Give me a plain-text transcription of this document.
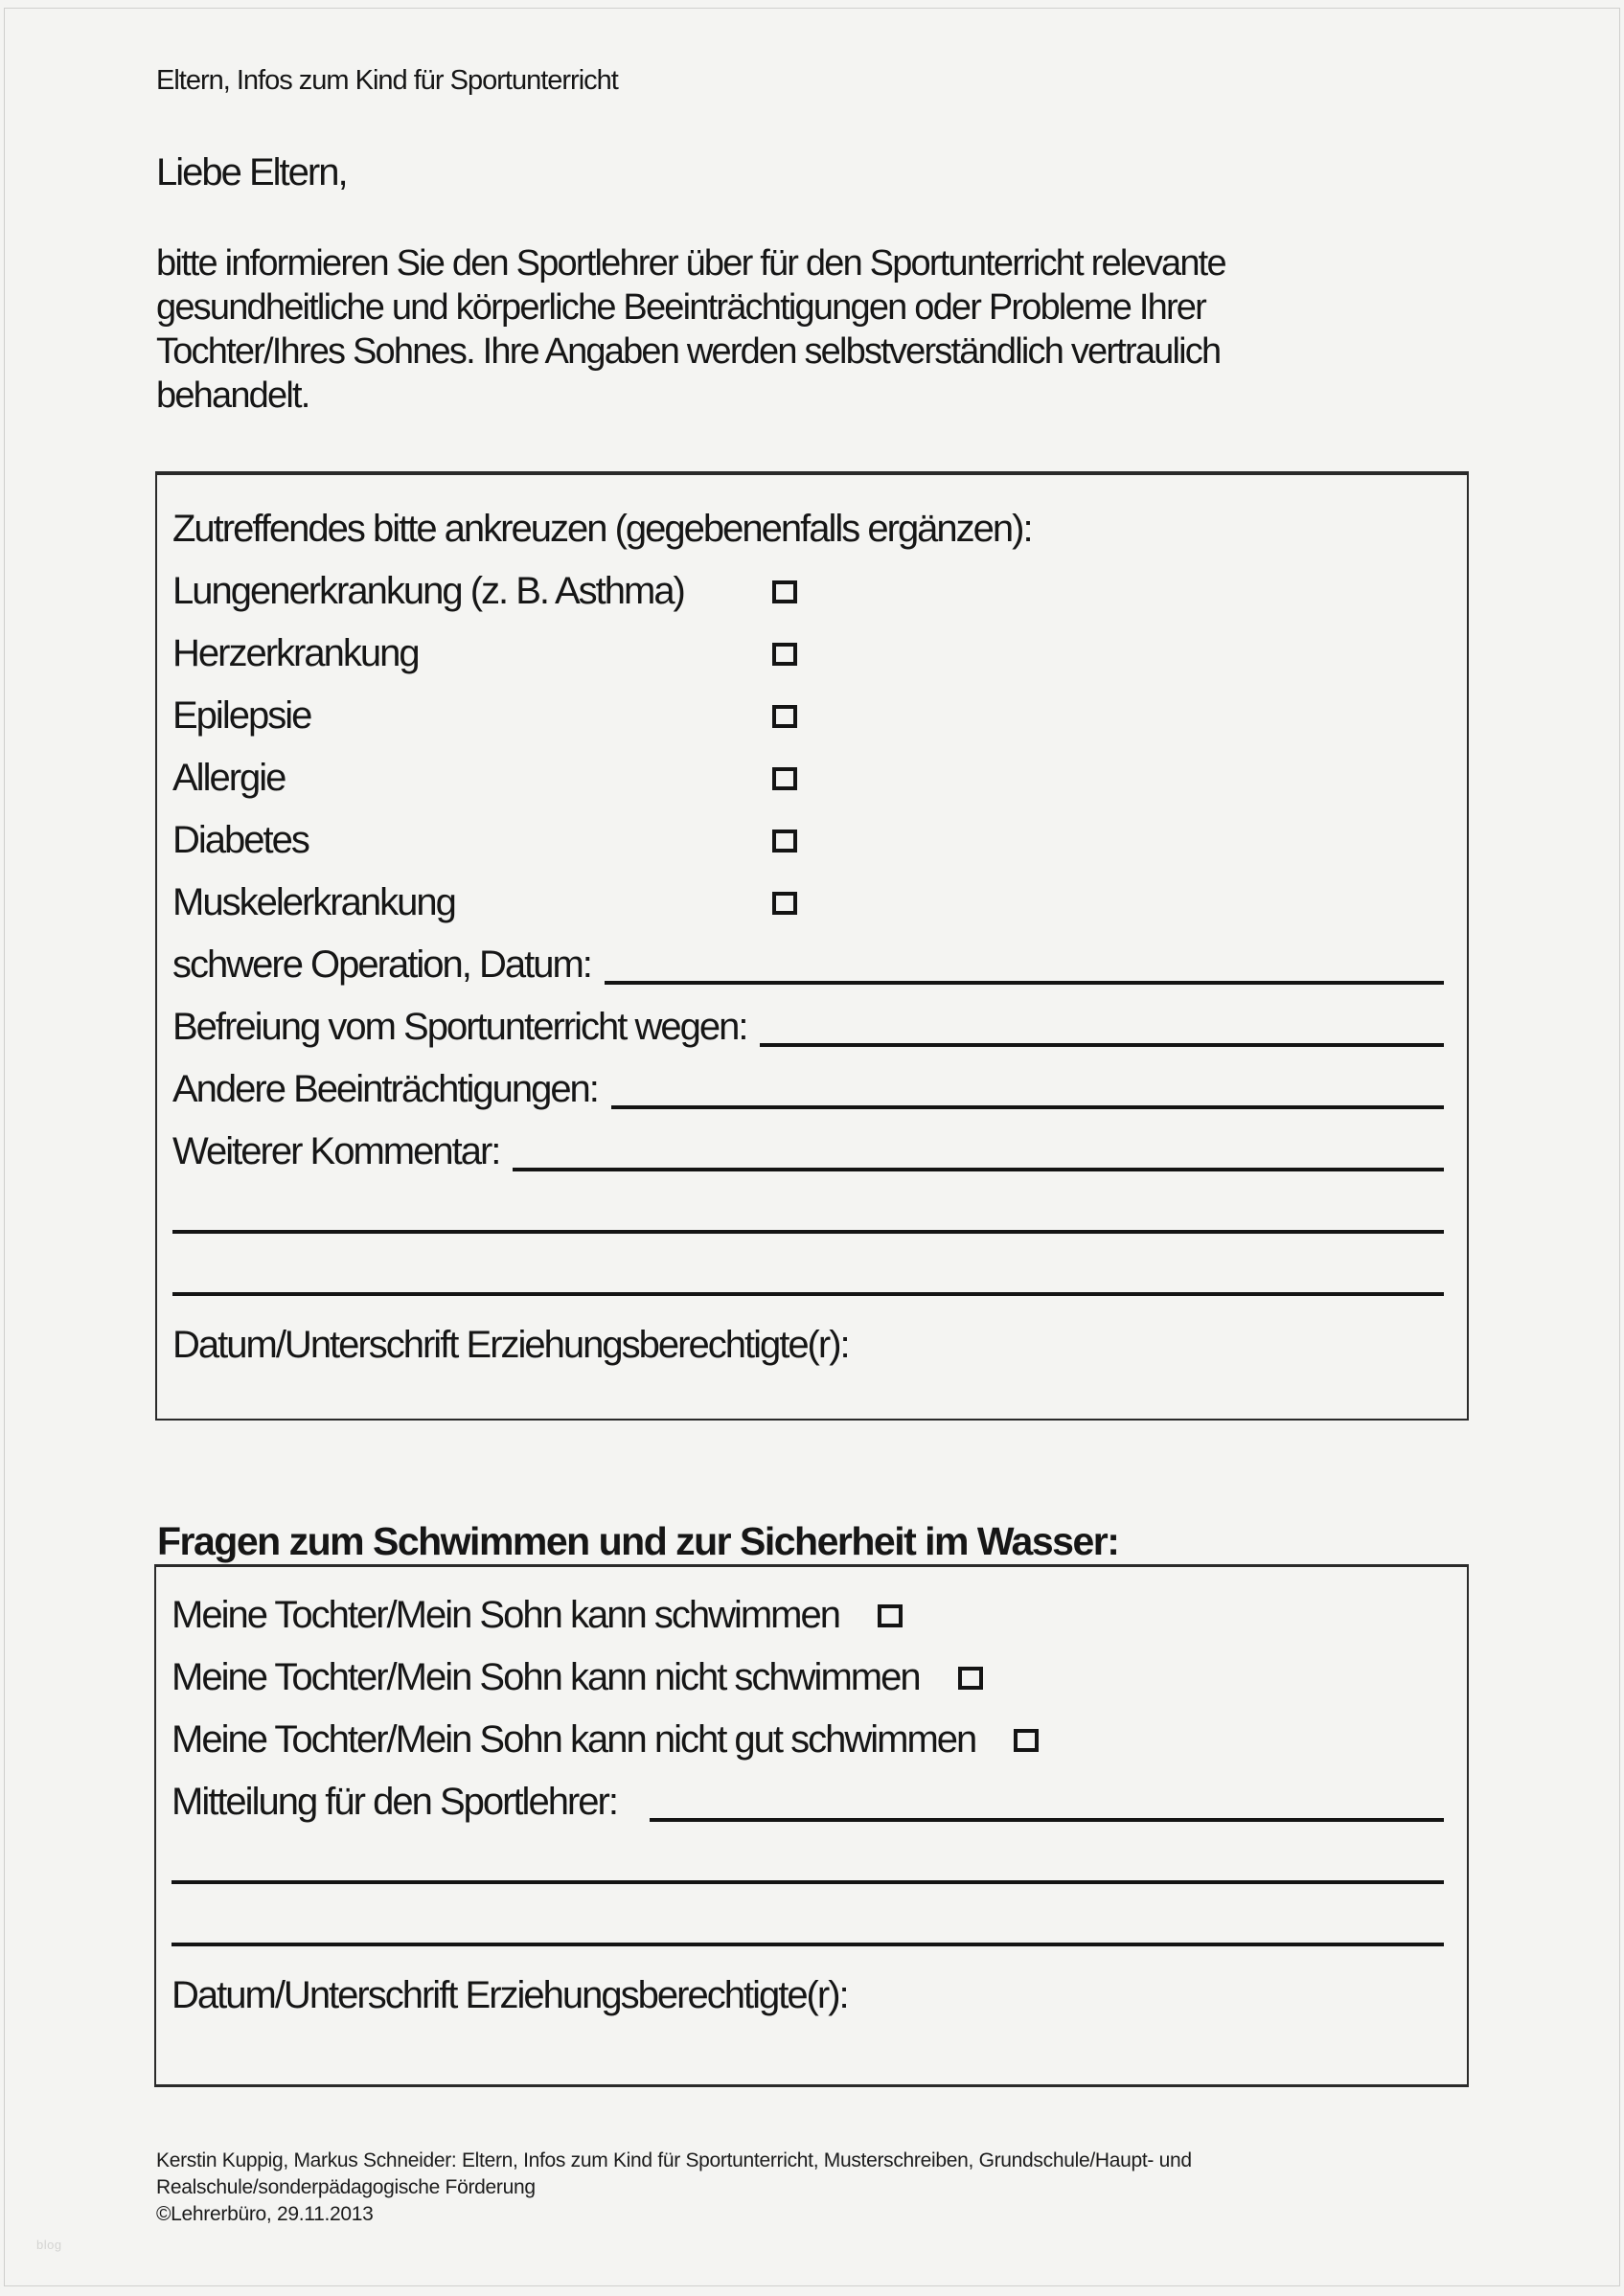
Eltern, Infos zum Kind für Sportunterricht
Liebe Eltern,
bitte informieren Sie den Sportlehrer über für den Sportunterricht relevante
gesundheitliche und körperliche Beeinträchtigungen oder Probleme Ihrer
Tochter/Ihres Sohnes. Ihre Angaben werden selbstverständlich vertraulich
behandelt.
Zutreffendes bitte ankreuzen (gegebenenfalls ergänzen):
Lungenerkrankung (z. B. Asthma)
Herzerkrankung
Epilepsie
Allergie
Diabetes
Muskelerkrankung
schwere Operation, Datum:
Befreiung vom Sportunterricht wegen:
Andere Beeinträchtigungen:
Weiterer Kommentar:
Datum/Unterschrift Erziehungsberechtigte(r):
Fragen zum Schwimmen und zur Sicherheit im Wasser:
Meine Tochter/Mein Sohn kann schwimmen
Meine Tochter/Mein Sohn kann nicht schwimmen
Meine Tochter/Mein Sohn kann nicht gut schwimmen
Mitteilung für den Sportlehrer:
Datum/Unterschrift Erziehungsberechtigte(r):
Kerstin Kuppig, Markus Schneider: Eltern, Infos zum Kind für Sportunterricht, Musterschreiben, Grundschule/Haupt- und
Realschule/sonderpädagogische Förderung
©Lehrerbüro, 29.11.2013
blog
